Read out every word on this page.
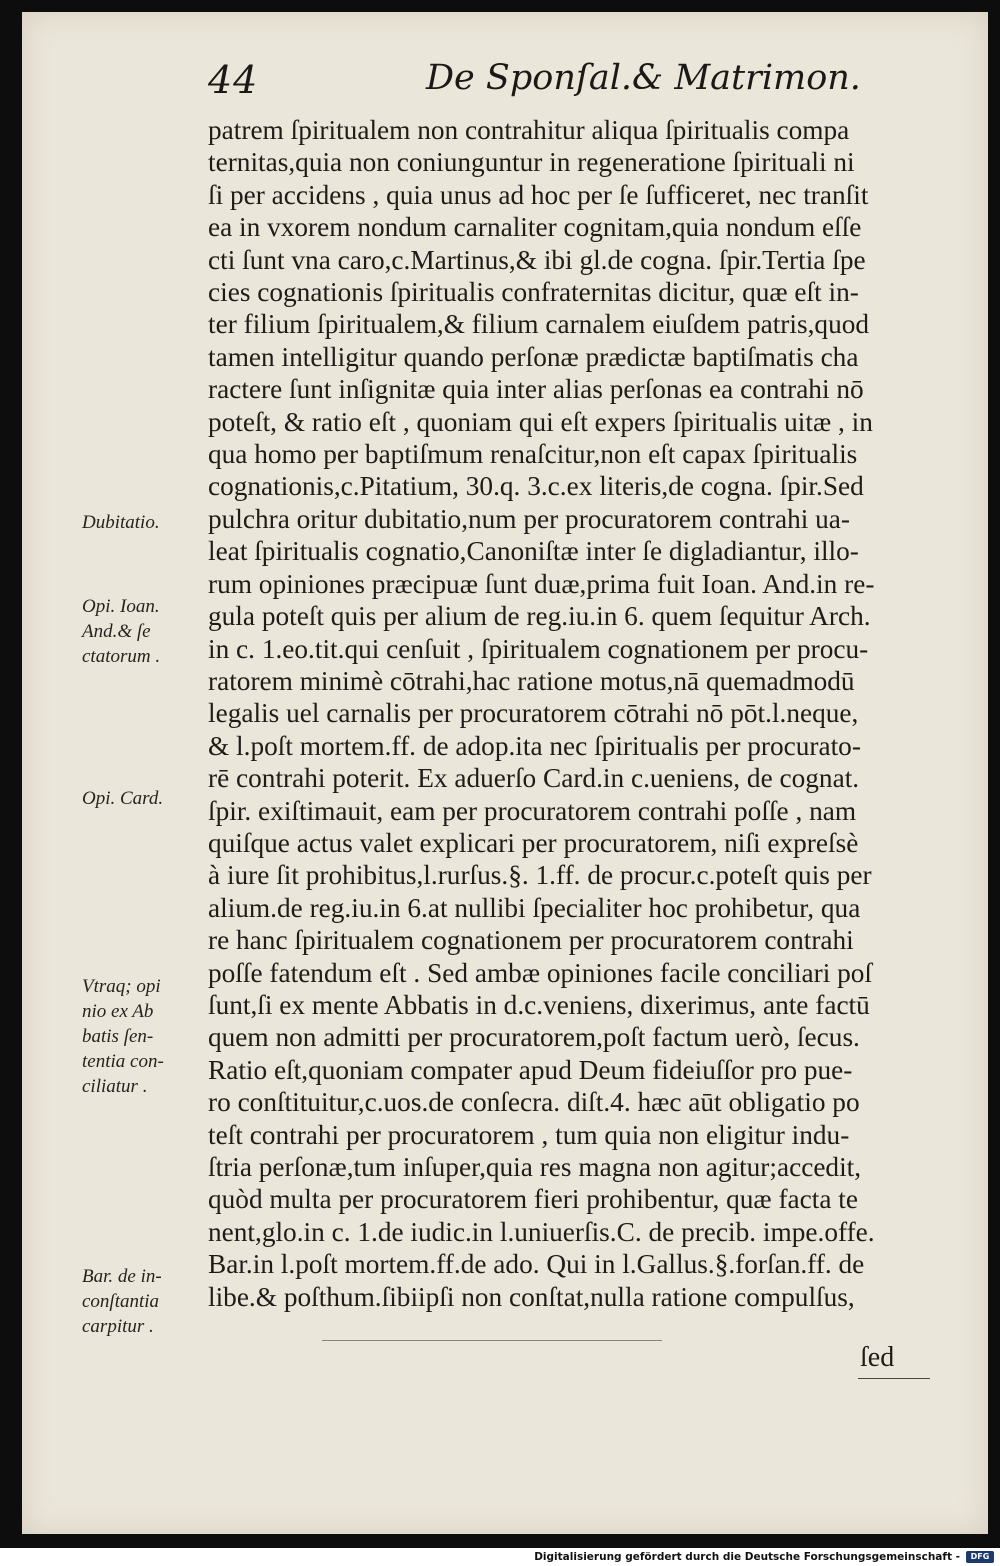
44	De Sponſal.& Matrimon.
patrem ſpiritualem non contrahitur aliqua ſpiritualis compa
ternitas,quia non coniunguntur in regeneratione ſpirituali ni
ſi per accidens , quia unus ad hoc per ſe ſufficeret, nec tranſit
ea in vxorem nondum carnaliter cognitam,quia nondum eſſe
cti ſunt vna caro,c.Martinus,& ibi gl.de cogna. ſpir.Tertia ſpe
cies cognationis ſpiritualis confraternitas dicitur, quæ eſt in-
ter filium ſpiritualem,& filium carnalem eiuſdem patris,quod
tamen intelligitur quando perſonæ prædictæ baptiſmatis cha
ractere ſunt inſignitæ quia inter alias perſonas ea contrahi nō
poteſt, & ratio eſt , quoniam qui eſt expers ſpiritualis uitæ , in
qua homo per baptiſmum renaſcitur,non eſt capax ſpiritualis
cognationis,c.Pitatium, 30.q. 3.c.ex literis,de cogna. ſpir.Sed
pulchra oritur dubitatio,num per procuratorem contrahi ua-
leat ſpiritualis cognatio,Canoniſtæ inter ſe digladiantur, illo-
rum opiniones præcipuæ ſunt duæ,prima fuit Ioan. And.in re-
gula poteſt quis per alium de reg.iu.in 6. quem ſequitur Arch.
in c. 1.eo.tit.qui cenſuit , ſpiritualem cognationem per procu-
ratorem minimè cōtrahi,hac ratione motus,nā quemadmodū
legalis uel carnalis per procuratorem cōtrahi nō pōt.l.neque,
& l.poſt mortem.ff. de adop.ita nec ſpiritualis per procurato-
rē contrahi poterit. Ex aduerſo Card.in c.ueniens, de cognat.
ſpir. exiſtimauit, eam per procuratorem contrahi poſſe , nam
quiſque actus valet explicari per procuratorem, niſi expreſsè
à iure ſit prohibitus,l.rurſus.§. 1.ff. de procur.c.poteſt quis per
alium.de reg.iu.in 6.at nullibi ſpecialiter hoc prohibetur, qua
re hanc ſpiritualem cognationem per procuratorem contrahi
poſſe fatendum eſt . Sed ambæ opiniones facile conciliari poſ
ſunt,ſi ex mente Abbatis in d.c.veniens, dixerimus, ante factū
quem non admitti per procuratorem,poſt factum uerò, ſecus.
Ratio eſt,quoniam compater apud Deum fideiuſſor pro pue-
ro conſtituitur,c.uos.de conſecra. diſt.4. hæc aūt obligatio po
teſt contrahi per procuratorem , tum quia non eligitur indu-
ſtria perſonæ,tum inſuper,quia res magna non agitur;accedit,
quòd multa per procuratorem fieri prohibentur, quæ facta te
nent,glo.in c. 1.de iudic.in l.uniuerſis.C. de precib. impe.offe.
Bar.in l.poſt mortem.ff.de ado. Qui in l.Gallus.§.forſan.ff. de
libe.& poſthum.ſibiipſi non conſtat,nulla ratione compulſus,
Dubitatio.
Opi. Ioan.
And.& ſe
ctatorum .
Opi. Card.
Vtraq; opi
nio ex Ab
batis ſen-
tentia con-
ciliatur .
Bar. de in-
conſtantia
carpitur .
ſed
Digitalisierung gefördert durch die Deutsche Forschungsgemeinschaft -	DFG
